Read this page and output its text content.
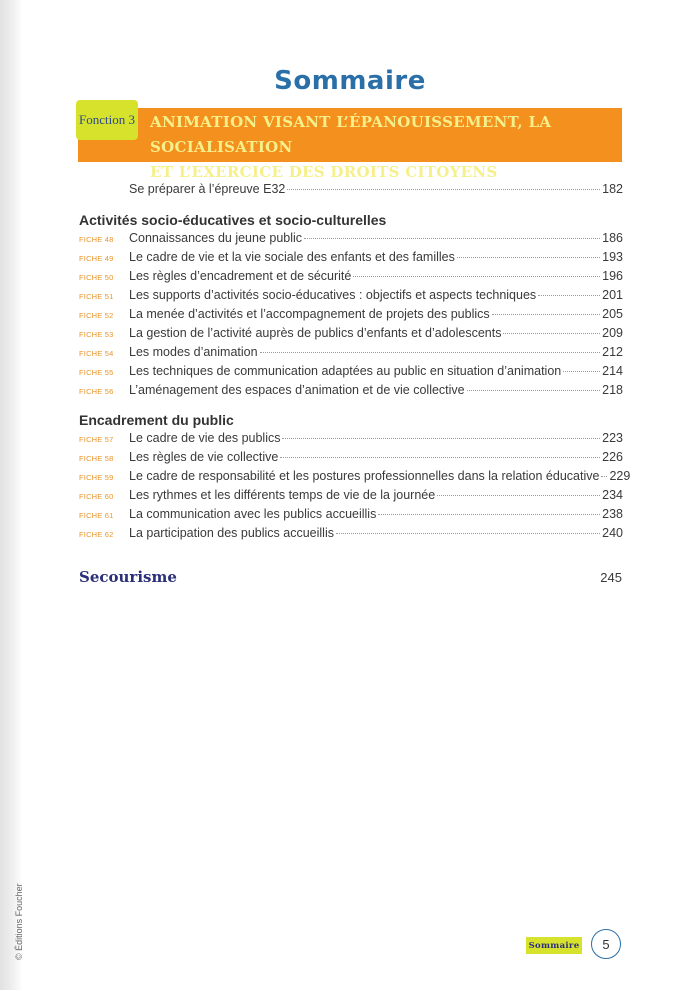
© Éditions Foucher
Sommaire
Fonction 3 ANIMATION VISANT L’ÉPANOUISSEMENT, LA SOCIALISATION
ET L’EXERCICE DES DROITS CITOYENS
Se préparer à l’épreuve E32	182
Activités socio-éducatives et socio-culturelles
FICHE 48	Connaissances du jeune public	186
FICHE 49	Le cadre de vie et la vie sociale des enfants et des familles	193
FICHE 50	Les règles d’encadrement et de sécurité	196
FICHE 51	Les supports d’activités socio-éducatives : objectifs et aspects techniques	201
FICHE 52	La menée d’activités et l’accompagnement de projets des publics	205
FICHE 53	La gestion de l’activité auprès de publics d’enfants et d’adolescents	209
FICHE 54	Les modes d’animation	212
FICHE 55	Les techniques de communication adaptées au public en situation d’animation	214
FICHE 56	L’aménagement des espaces d’animation et de vie collective	218
Encadrement du public
FICHE 57	Le cadre de vie des publics	223
FICHE 58	Les règles de vie collective	226
FICHE 59	Le cadre de responsabilité et les postures professionnelles dans la relation éducative 229
FICHE 60	Les rythmes et les différents temps de vie de la journée	234
FICHE 61	La communication avec les publics accueillis	238
FICHE 62	La participation des publics accueillis	240
Secourisme	245
Sommaire	5
